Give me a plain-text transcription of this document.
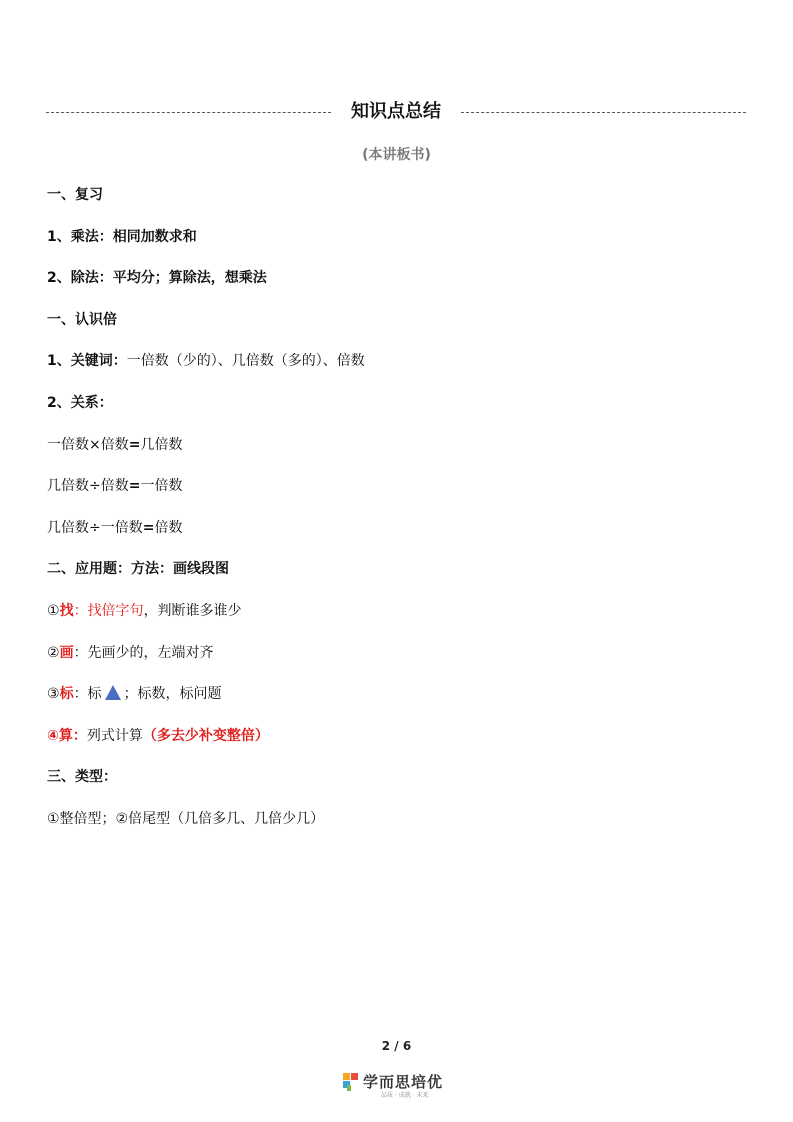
知识点总结
(本讲板书)
一、复习
1、乘法：相同加数求和
2、除法：平均分；算除法，想乘法
一、认识倍
1、关键词：一倍数（少的）、几倍数（多的）、倍数
2、关系：
一倍数×倍数=几倍数
几倍数÷倍数=一倍数
几倍数÷一倍数=倍数
二、应用题：方法：画线段图
①找：找倍字句，判断谁多谁少
②画：先画少的，左端对齐
③标：标 ；标数，标问题
④算：列式计算（多去少补变整倍）
三、类型：
①整倍型；②倍尾型（几倍多几、几倍少几）
2 / 6
学而思培优
品质 · 成就 · 未来
